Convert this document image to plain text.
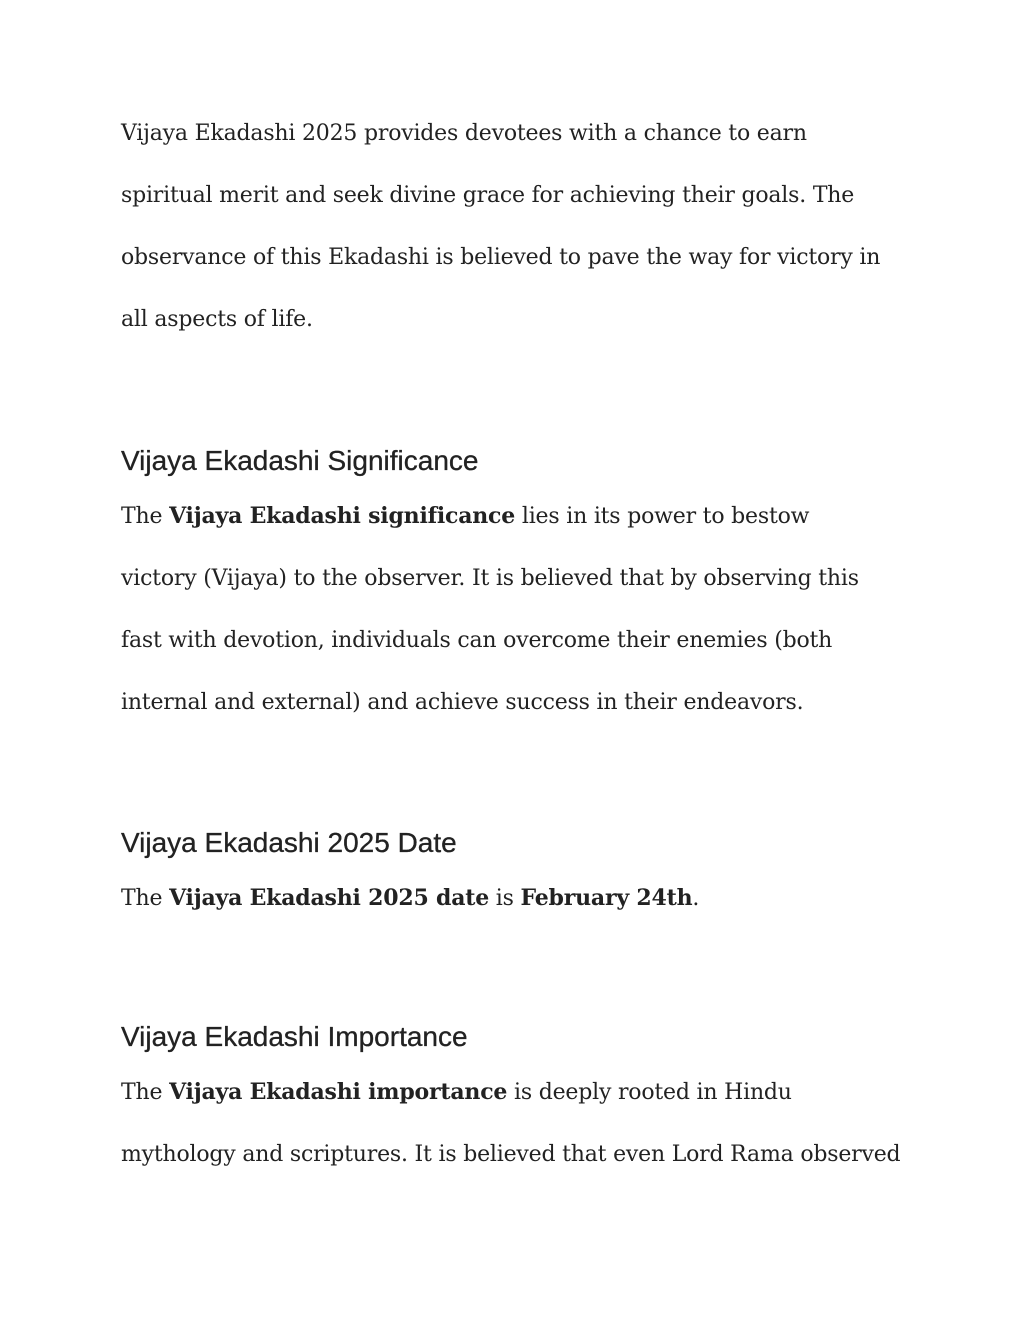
Vijaya Ekadashi 2025 provides devotees with a chance to earn
spiritual merit and seek divine grace for achieving their goals. The
observance of this Ekadashi is believed to pave the way for victory in
all aspects of life.

Vijaya Ekadashi Significance

The Vijaya Ekadashi significance lies in its power to bestow
victory (Vijaya) to the observer. It is believed that by observing this
fast with devotion, individuals can overcome their enemies (both
internal and external) and achieve success in their endeavors.

Vijaya Ekadashi 2025 Date

The Vijaya Ekadashi 2025 date is February 24th.

Vijaya Ekadashi Importance

The Vijaya Ekadashi importance is deeply rooted in Hindu
mythology and scriptures. It is believed that even Lord Rama observed
